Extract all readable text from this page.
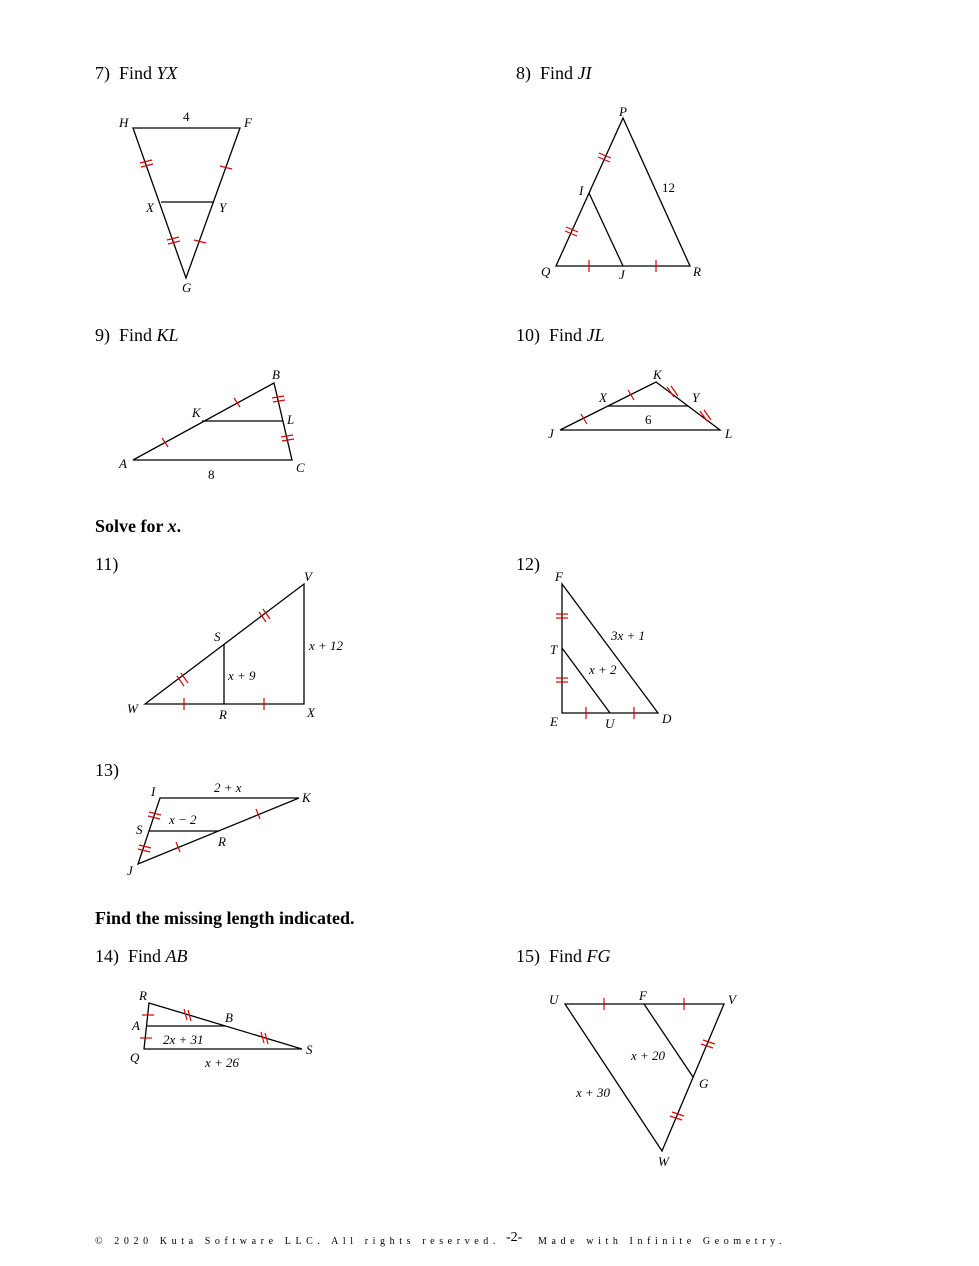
7) Find YX	8) Find JI
9) Find KL	10) Find JL
Solve for x.
11)	12)
13)
Find the missing length indicated.
14) Find AB	15) Find FG
H	F
X	Y
G
4	P
I
Q	J	R
12
B
K	L
A	C
8
K
X	Y
J	L
6
V
S
W	R	X
x + 12
x + 9
F
T
E	U	D
3x + 1
x + 2
I	K
S
R
J
2 + x
x − 2
R
A
B
Q
S
2x + 31
x + 26
U	F	V
G
W
x + 20
x + 30
© 2020 Kuta Software LLC. All rights reserved. -2- Made with Infinite Geometry.
